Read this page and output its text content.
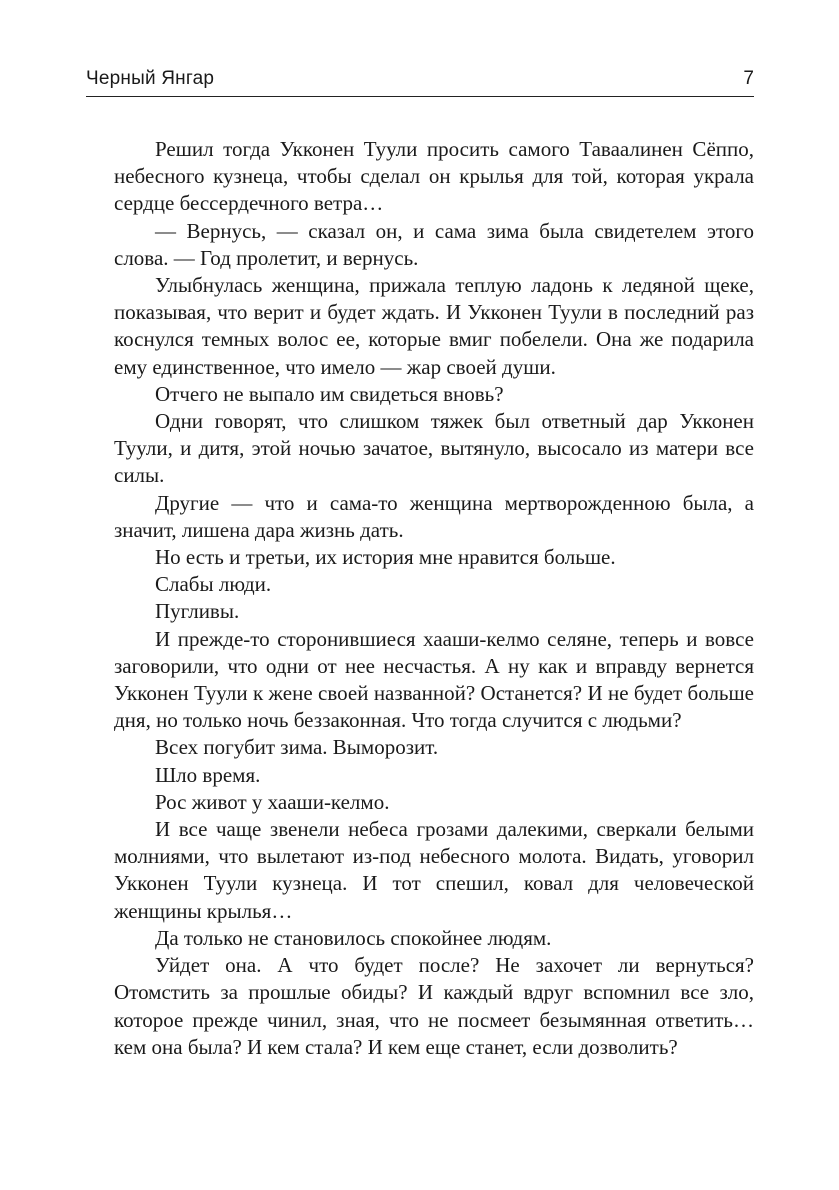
Черный Янгар	7

Решил тогда Укконен Туули просить самого Таваалинен Сёппо, небесного кузнеца, чтобы сделал он крылья для той, которая украла сердце бессердечного ветра…

— Вернусь, — сказал он, и сама зима была свидетелем этого слова. — Год пролетит, и вернусь.

Улыбнулась женщина, прижала теплую ладонь к ледяной щеке, показывая, что верит и будет ждать. И Укконен Туули в последний раз коснулся темных волос ее, которые вмиг побелели. Она же подарила ему единственное, что имело — жар своей души.

Отчего не выпало им свидеться вновь?

Одни говорят, что слишком тяжек был ответный дар Укконен Туули, и дитя, этой ночью зачатое, вытянуло, высосало из матери все силы.

Другие — что и сама-то женщина мертворожденною была, а значит, лишена дара жизнь дать.

Но есть и третьи, их история мне нравится больше.

Слабы люди.

Пугливы.

И прежде-то сторонившиеся хааши-келмо селяне, теперь и вовсе заговорили, что одни от нее несчастья. А ну как и вправду вернется Укконен Туули к жене своей названной? Останется? И не будет больше дня, но только ночь беззаконная. Что тогда случится с людьми?

Всех погубит зима. Выморозит.

Шло время.

Рос живот у хааши-келмо.

И все чаще звенели небеса грозами далекими, сверкали белыми молниями, что вылетают из-под небесного молота. Видать, уговорил Укконен Туули кузнеца. И тот спешил, ковал для человеческой женщины крылья…

Да только не становилось спокойнее людям.

Уйдет она. А что будет после? Не захочет ли вернуться? Отомстить за прошлые обиды? И каждый вдруг вспомнил все зло, которое прежде чинил, зная, что не посмеет безымянная ответить… кем она была? И кем стала? И кем еще станет, если дозволить?
